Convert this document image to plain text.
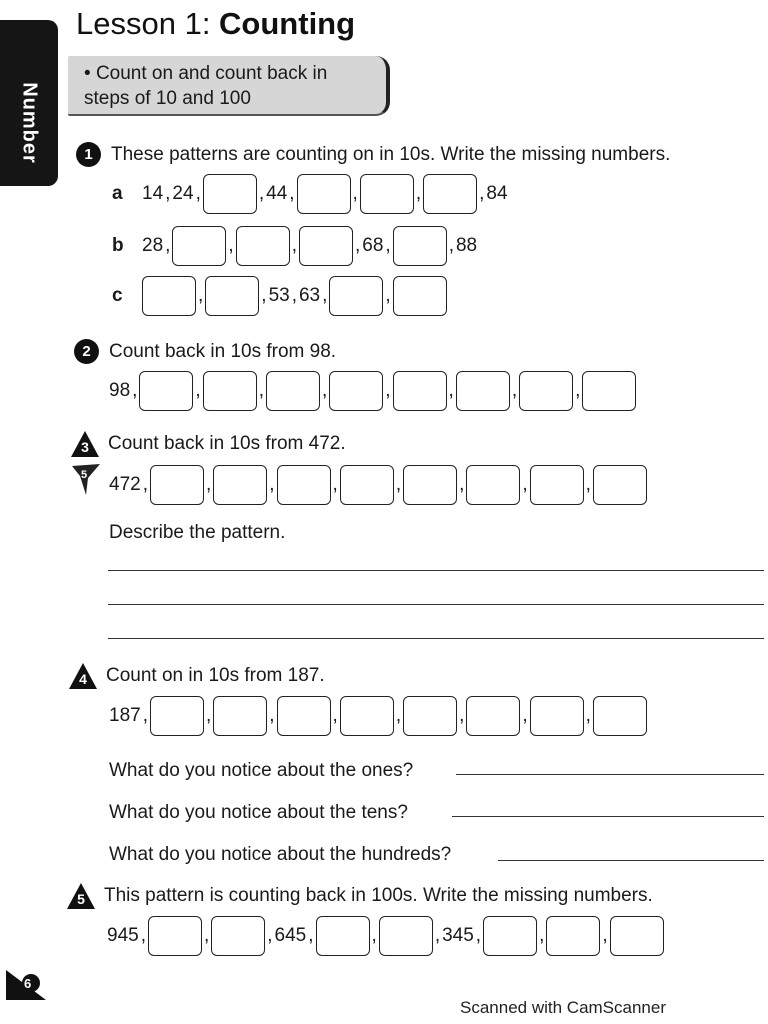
Number
Lesson 1: Counting
• Count on and count back in steps of 10 and 100
1 These patterns are counting on in 10s. Write the missing numbers.
a	14 , 24 ,	, 44 ,	,	,	, 84
b 28 ,	,	,	, 68 ,	, 88
c	,	, 53 , 63 ,	,
2 Count back in 10s from 98.
98 ,	,	,	,	,	,	,	,
3	Count back in 10s from 472.
5 472 ,	,	,	,	,	,	,	,
Describe the pattern.
4	Count on in 10s from 187.
187 ,	,	,	,	,	,	,	,
What do you notice about the ones?
What do you notice about the tens?
What do you notice about the hundreds?
5	This pattern is counting back in 100s. Write the missing numbers.
945 ,	,	, 645 ,	,	, 345 ,	,	,
6
Scanned with CamScanner
